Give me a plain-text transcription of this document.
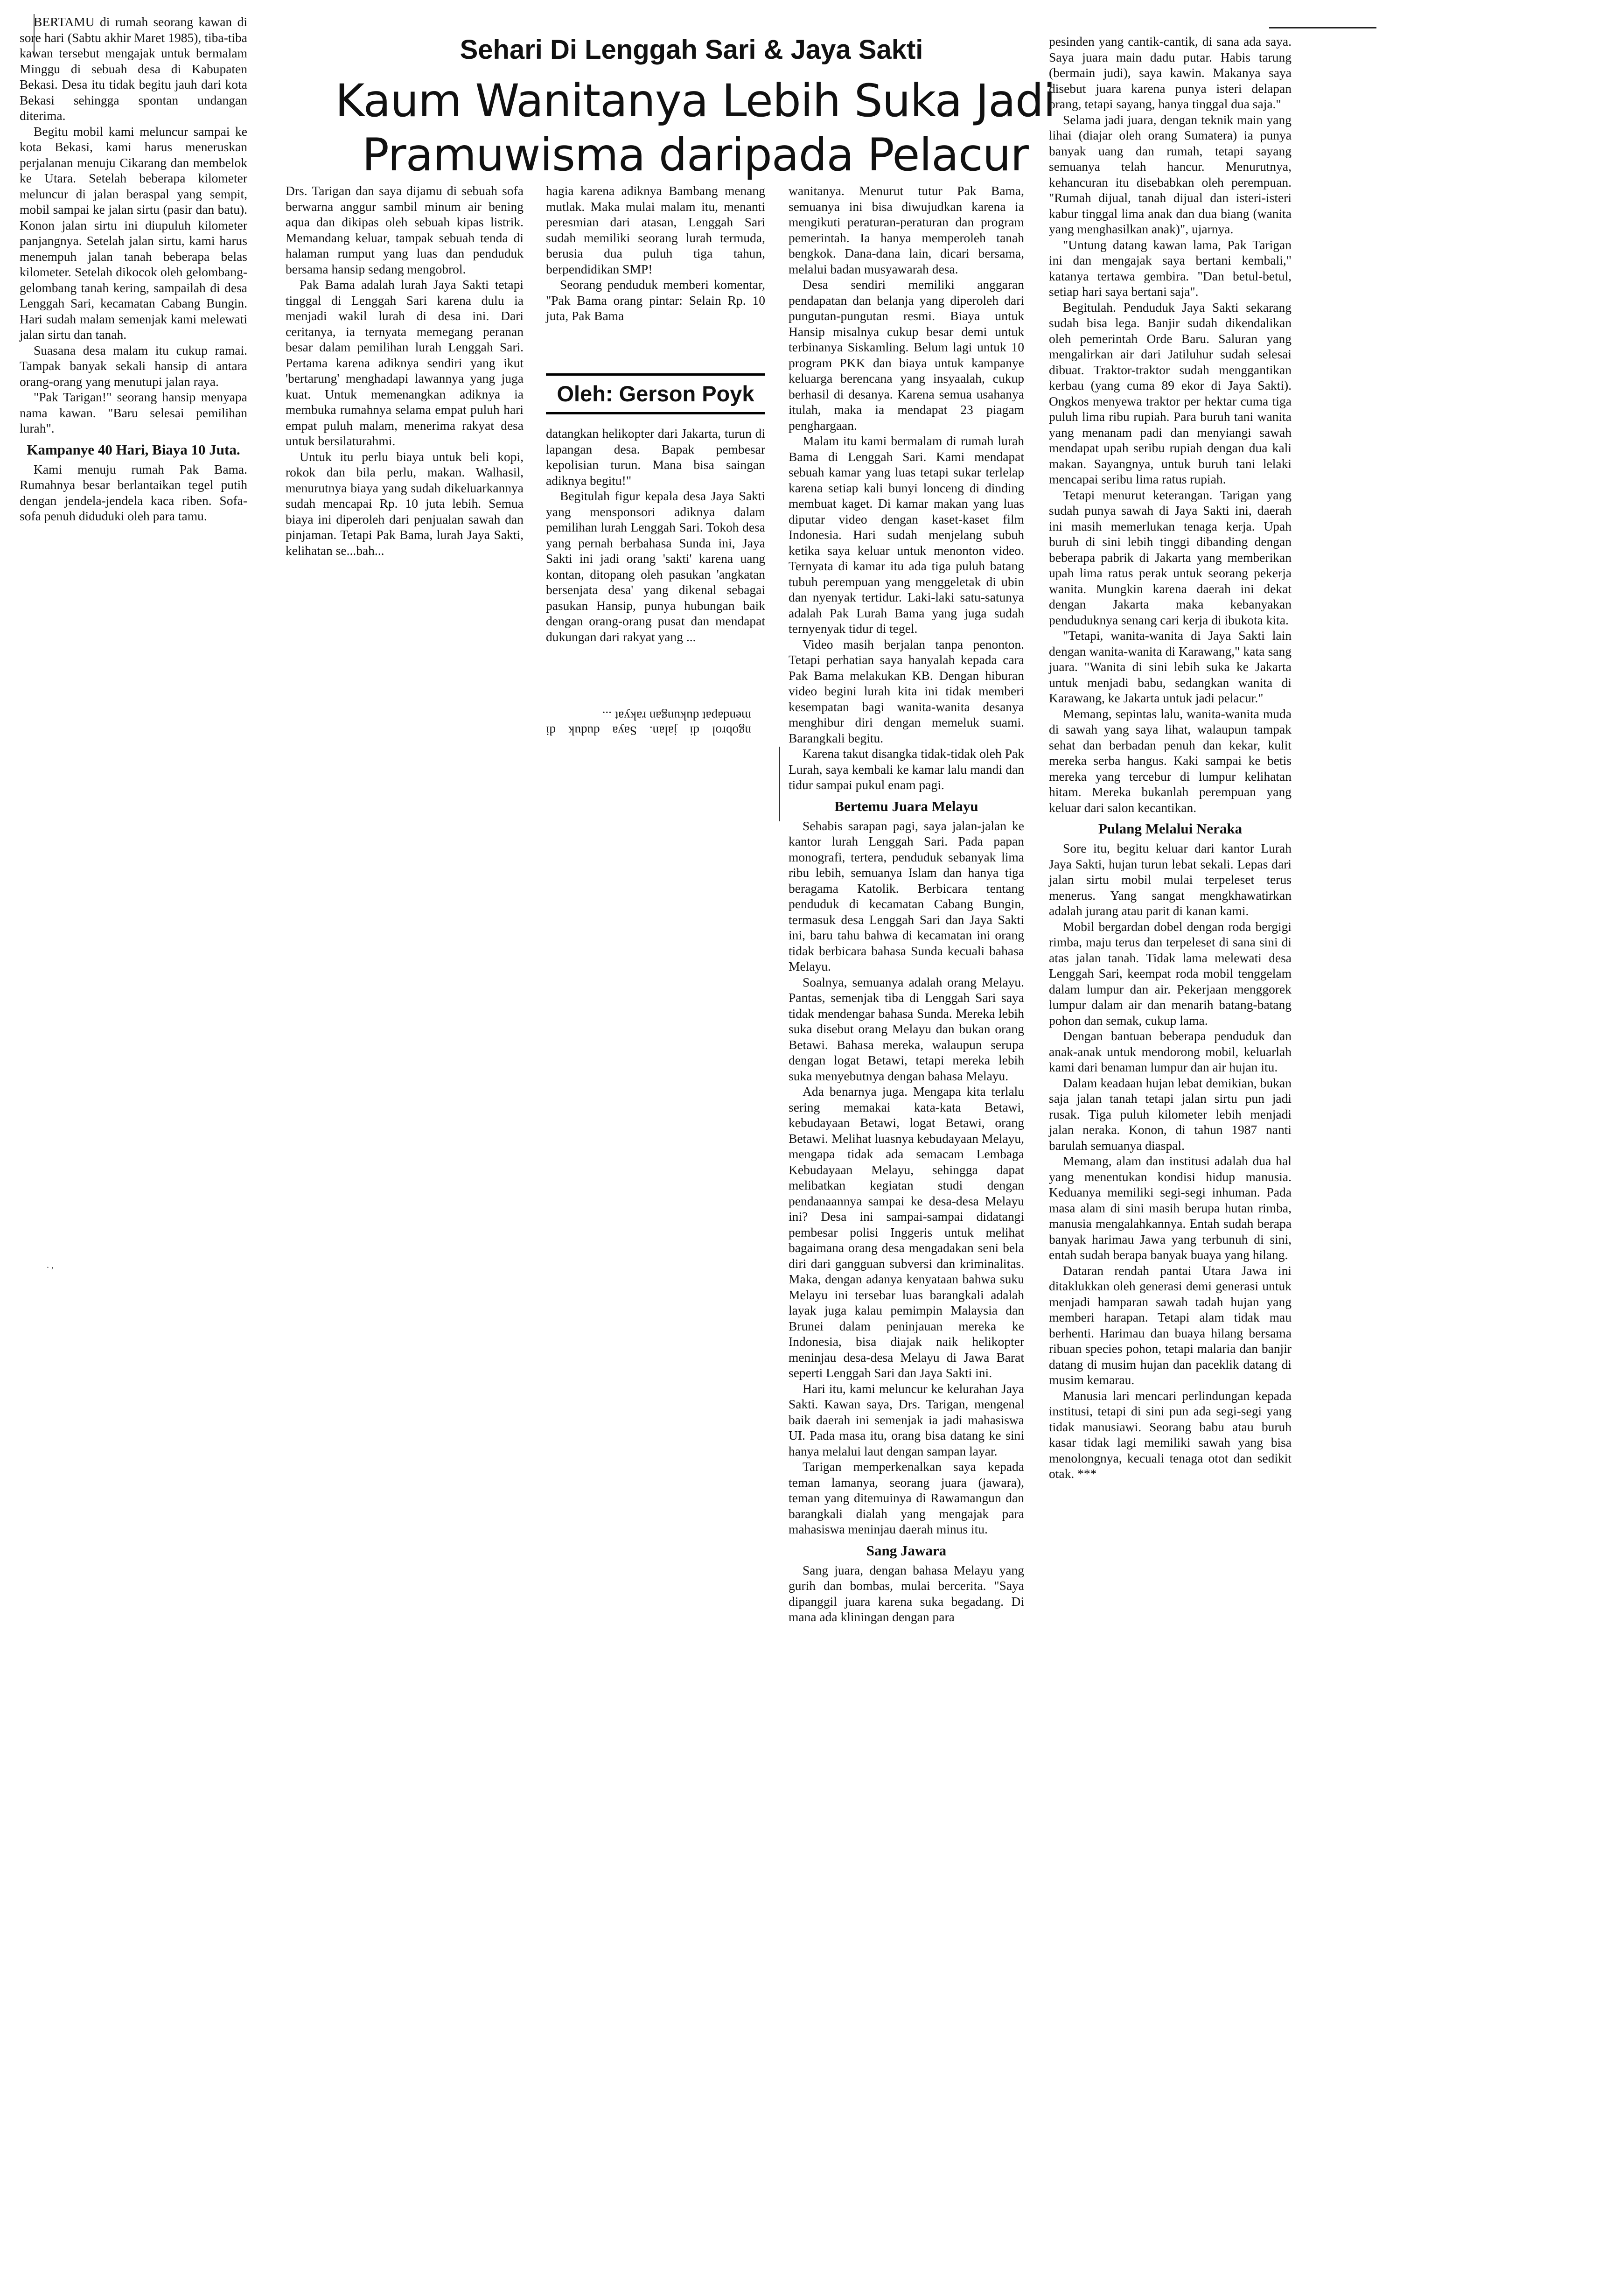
Sehari Di Lenggah Sari & Jaya Sakti
Kaum Wanitanya Lebih Suka Jadi
Pramuwisma daripada Pelacur

BERTAMU di rumah seorang kawan di sore hari (Sabtu akhir Maret 1985), tiba-tiba kawan tersebut mengajak untuk bermalam Minggu di sebuah desa di Kabupaten Bekasi. Desa itu tidak begitu jauh dari kota Bekasi sehingga spontan undangan diterima.

Begitu mobil kami meluncur sampai ke kota Bekasi, kami harus meneruskan perjalanan menuju Cikarang dan membelok ke Utara. Setelah beberapa kilometer meluncur di jalan beraspal yang sempit, mobil sampai ke jalan sirtu (pasir dan batu). Konon jalan sirtu ini diupuluh kilometer panjangnya. Setelah jalan sirtu, kami harus menempuh jalan tanah beberapa belas kilometer. Setelah dikocok oleh gelombang-gelombang tanah kering, sampailah di desa Lenggah Sari, kecamatan Cabang Bungin. Hari sudah malam semenjak kami melewati jalan sirtu dan tanah.

Suasana desa malam itu cukup ramai. Tampak banyak sekali hansip di antara orang-orang yang menutupi jalan raya.

"Pak Tarigan!" seorang hansip menyapa nama kawan. "Baru selesai pemilihan lurah".

Kampanye 40 Hari, Biaya 10 Juta.

Kami menuju rumah Pak Bama. Rumahnya besar berlantaikan tegel putih dengan jendela-jendela kaca riben. Sofa-sofa penuh diduduki oleh para tamu.

Drs. Tarigan dan saya dijamu di sebuah sofa berwarna anggur sambil minum air bening aqua dan dikipas oleh sebuah kipas listrik. Memandang keluar, tampak sebuah tenda di halaman rumput yang luas dan penduduk bersama hansip sedang mengobrol.

Pak Bama adalah lurah Jaya Sakti tetapi tinggal di Lenggah Sari karena dulu ia menjadi wakil lurah di desa ini. Dari ceritanya, ia ternyata memegang peranan besar dalam pemilihan lurah Lenggah Sari. Pertama karena adiknya sendiri yang ikut 'bertarung' menghadapi lawannya yang juga kuat. Untuk memenangkan adiknya ia membuka rumahnya selama empat puluh hari empat puluh malam, menerima rakyat desa untuk bersilaturahmi.

Untuk itu perlu biaya untuk beli kopi, rokok dan bila perlu, makan. Walhasil, menurutnya biaya yang sudah dikeluarkannya sudah mencapai Rp. 10 juta lebih. Semua biaya ini diperoleh dari penjualan sawah dan pinjaman. Tetapi Pak Bama, lurah Jaya Sakti, kelihatan se...bah...

hagia karena adiknya Bambang menang mutlak. Maka mulai malam itu, menanti peresmian dari atasan, Lenggah Sari sudah memiliki seorang lurah termuda, berusia dua puluh tiga tahun, berpendidikan SMP!

Seorang penduduk memberi komentar, "Pak Bama orang pintar: Selain Rp. 10 juta, Pak Bama

Oleh: Gerson Poyk

datangkan helikopter dari Jakarta, turun di lapangan desa. Bapak pembesar kepolisian turun. Mana bisa saingan adiknya begitu!"

Begitulah figur kepala desa Jaya Sakti yang mensponsori adiknya dalam pemilihan lurah Lenggah Sari. Tokoh desa yang pernah berbahasa Sunda ini, Jaya Sakti ini jadi orang 'sakti' karena uang kontan, ditopang oleh pasukan 'angkatan bersenjata desa' yang dikenal sebagai pasukan Hansip, punya hubungan baik dengan orang-orang pusat dan mendapat dukungan dari rakyat yang ...

ngobrol di jalan. Saya duduk di mendapat dukungan rakyat ...

wanitanya. Menurut tutur Pak Bama, semuanya ini bisa diwujudkan karena ia mengikuti peraturan-peraturan dan program pemerintah. Ia hanya memperoleh tanah bengkok. Dana-dana lain, dicari bersama, melalui badan musyawarah desa.

Desa sendiri memiliki anggaran pendapatan dan belanja yang diperoleh dari pungutan-pungutan resmi. Biaya untuk Hansip misalnya cukup besar demi untuk terbinanya Siskamling. Belum lagi untuk 10 program PKK dan biaya untuk kampanye keluarga berencana yang insyaalah, cukup berhasil di desanya. Karena semua usahanya itulah, maka ia mendapat 23 piagam penghargaan.

Malam itu kami bermalam di rumah lurah Bama di Lenggah Sari. Kami mendapat sebuah kamar yang luas tetapi sukar terlelap karena setiap kali bunyi lonceng di dinding membuat kaget. Di kamar makan yang luas diputar video dengan kaset-kaset film Indonesia. Hari sudah menjelang subuh ketika saya keluar untuk menonton video. Ternyata di kamar itu ada tiga puluh batang tubuh perempuan yang menggeletak di ubin dan nyenyak tertidur. Laki-laki satu-satunya adalah Pak Lurah Bama yang juga sudah ternyenyak tidur di tegel.

Video masih berjalan tanpa penonton. Tetapi perhatian saya hanyalah kepada cara Pak Bama melakukan KB. Dengan hiburan video begini lurah kita ini tidak memberi kesempatan bagi wanita-wanita desanya menghibur diri dengan memeluk suami. Barangkali begitu.

Karena takut disangka tidak-tidak oleh Pak Lurah, saya kembali ke kamar lalu mandi dan tidur sampai pukul enam pagi.

Bertemu Juara Melayu

Sehabis sarapan pagi, saya jalan-jalan ke kantor lurah Lenggah Sari. Pada papan monografi, tertera, penduduk sebanyak lima ribu lebih, semuanya Islam dan hanya tiga beragama Katolik. Berbicara tentang penduduk di kecamatan Cabang Bungin, termasuk desa Lenggah Sari dan Jaya Sakti ini, baru tahu bahwa di kecamatan ini orang tidak berbicara bahasa Sunda kecuali bahasa Melayu.

Soalnya, semuanya adalah orang Melayu. Pantas, semenjak tiba di Lenggah Sari saya tidak mendengar bahasa Sunda. Mereka lebih suka disebut orang Melayu dan bukan orang Betawi. Bahasa mereka, walaupun serupa dengan logat Betawi, tetapi mereka lebih suka menyebutnya dengan bahasa Melayu.

Ada benarnya juga. Mengapa kita terlalu sering memakai kata-kata Betawi, kebudayaan Betawi, logat Betawi, orang Betawi. Melihat luasnya kebudayaan Melayu, mengapa tidak ada semacam Lembaga Kebudayaan Melayu, sehingga dapat melibatkan kegiatan studi dengan pendanaannya sampai ke desa-desa Melayu ini? Desa ini sampai-sampai didatangi pembesar polisi Inggeris untuk melihat bagaimana orang desa mengadakan seni bela diri dari gangguan subversi dan kriminalitas. Maka, dengan adanya kenyataan bahwa suku Melayu ini tersebar luas barangkali adalah layak juga kalau pemimpin Malaysia dan Brunei dalam peninjauan mereka ke Indonesia, bisa diajak naik helikopter meninjau desa-desa Melayu di Jawa Barat seperti Lenggah Sari dan Jaya Sakti ini.

Hari itu, kami meluncur ke kelurahan Jaya Sakti. Kawan saya, Drs. Tarigan, mengenal baik daerah ini semenjak ia jadi mahasiswa UI. Pada masa itu, orang bisa datang ke sini hanya melalui laut dengan sampan layar.

Tarigan memperkenalkan saya kepada teman lamanya, seorang juara (jawara), teman yang ditemuinya di Rawamangun dan barangkali dialah yang mengajak para mahasiswa meninjau daerah minus itu.

Sang Jawara

Sang juara, dengan bahasa Melayu yang gurih dan bombas, mulai bercerita. "Saya dipanggil juara karena suka begadang. Di mana ada kliningan dengan para

pesinden yang cantik-cantik, di sana ada saya. Saya juara main dadu putar. Habis tarung (bermain judi), saya kawin. Makanya saya disebut juara karena punya isteri delapan orang, tetapi sayang, hanya tinggal dua saja."

Selama jadi juara, dengan teknik main yang lihai (diajar oleh orang Sumatera) ia punya banyak uang dan rumah, tetapi sayang semuanya telah hancur. Menurutnya, kehancuran itu disebabkan oleh perempuan. "Rumah dijual, tanah dijual dan isteri-isteri kabur tinggal lima anak dan dua biang (wanita yang menghasilkan anak)", ujarnya.

"Untung datang kawan lama, Pak Tarigan ini dan mengajak saya bertani kembali," katanya tertawa gembira. "Dan betul-betul, setiap hari saya bertani saja".

Begitulah. Penduduk Jaya Sakti sekarang sudah bisa lega. Banjir sudah dikendalikan oleh pemerintah Orde Baru. Saluran yang mengalirkan air dari Jatiluhur sudah selesai dibuat. Traktor-traktor sudah menggantikan kerbau (yang cuma 89 ekor di Jaya Sakti). Ongkos menyewa traktor per hektar cuma tiga puluh lima ribu rupiah. Para buruh tani wanita yang menanam padi dan menyiangi sawah mendapat upah seribu rupiah dengan dua kali makan. Sayangnya, untuk buruh tani lelaki mencapai seribu lima ratus rupiah.

Tetapi menurut keterangan. Tarigan yang sudah punya sawah di Jaya Sakti ini, daerah ini masih memerlukan tenaga kerja. Upah buruh di sini lebih tinggi dibanding dengan beberapa pabrik di Jakarta yang memberikan upah lima ratus perak untuk seorang pekerja wanita. Mungkin karena daerah ini dekat dengan Jakarta maka kebanyakan penduduknya senang cari kerja di ibukota kita.

"Tetapi, wanita-wanita di Jaya Sakti lain dengan wanita-wanita di Karawang," kata sang juara. "Wanita di sini lebih suka ke Jakarta untuk menjadi babu, sedangkan wanita di Karawang, ke Jakarta untuk jadi pelacur."

Memang, sepintas lalu, wanita-wanita muda di sawah yang saya lihat, walaupun tampak sehat dan berbadan penuh dan kekar, kulit mereka serba hangus. Kaki sampai ke betis mereka yang tercebur di lumpur kelihatan hitam. Mereka bukanlah perempuan yang keluar dari salon kecantikan.

Pulang Melalui Neraka

Sore itu, begitu keluar dari kantor Lurah Jaya Sakti, hujan turun lebat sekali. Lepas dari jalan sirtu mobil mulai terpeleset terus menerus. Yang sangat mengkhawatirkan adalah jurang atau parit di kanan kami.

Mobil bergardan dobel dengan roda bergigi rimba, maju terus dan terpeleset di sana sini di atas jalan tanah. Tidak lama melewati desa Lenggah Sari, keempat roda mobil tenggelam dalam lumpur dan air. Pekerjaan menggorek lumpur dalam air dan menarih batang-batang pohon dan semak, cukup lama.

Dengan bantuan beberapa penduduk dan anak-anak untuk mendorong mobil, keluarlah kami dari benaman lumpur dan air hujan itu.

Dalam keadaan hujan lebat demikian, bukan saja jalan tanah tetapi jalan sirtu pun jadi rusak. Tiga puluh kilometer lebih menjadi jalan neraka. Konon, di tahun 1987 nanti barulah semuanya diaspal.

Memang, alam dan institusi adalah dua hal yang menentukan kondisi hidup manusia. Keduanya memiliki segi-segi inhuman. Pada masa alam di sini masih berupa hutan rimba, manusia mengalahkannya. Entah sudah berapa banyak harimau Jawa yang terbunuh di sini, entah sudah berapa banyak buaya yang hilang.

Dataran rendah pantai Utara Jawa ini ditaklukkan oleh generasi demi generasi untuk menjadi hamparan sawah tadah hujan yang memberi harapan. Tetapi alam tidak mau berhenti. Harimau dan buaya hilang bersama ribuan species pohon, tetapi malaria dan banjir datang di musim hujan dan paceklik datang di musim kemarau.

Manusia lari mencari perlindungan kepada institusi, tetapi di sini pun ada segi-segi yang tidak manusiawi. Seorang babu atau buruh kasar tidak lagi memiliki sawah yang bisa menolongnya, kecuali tenaga otot dan sedikit otak. ***

. ,
